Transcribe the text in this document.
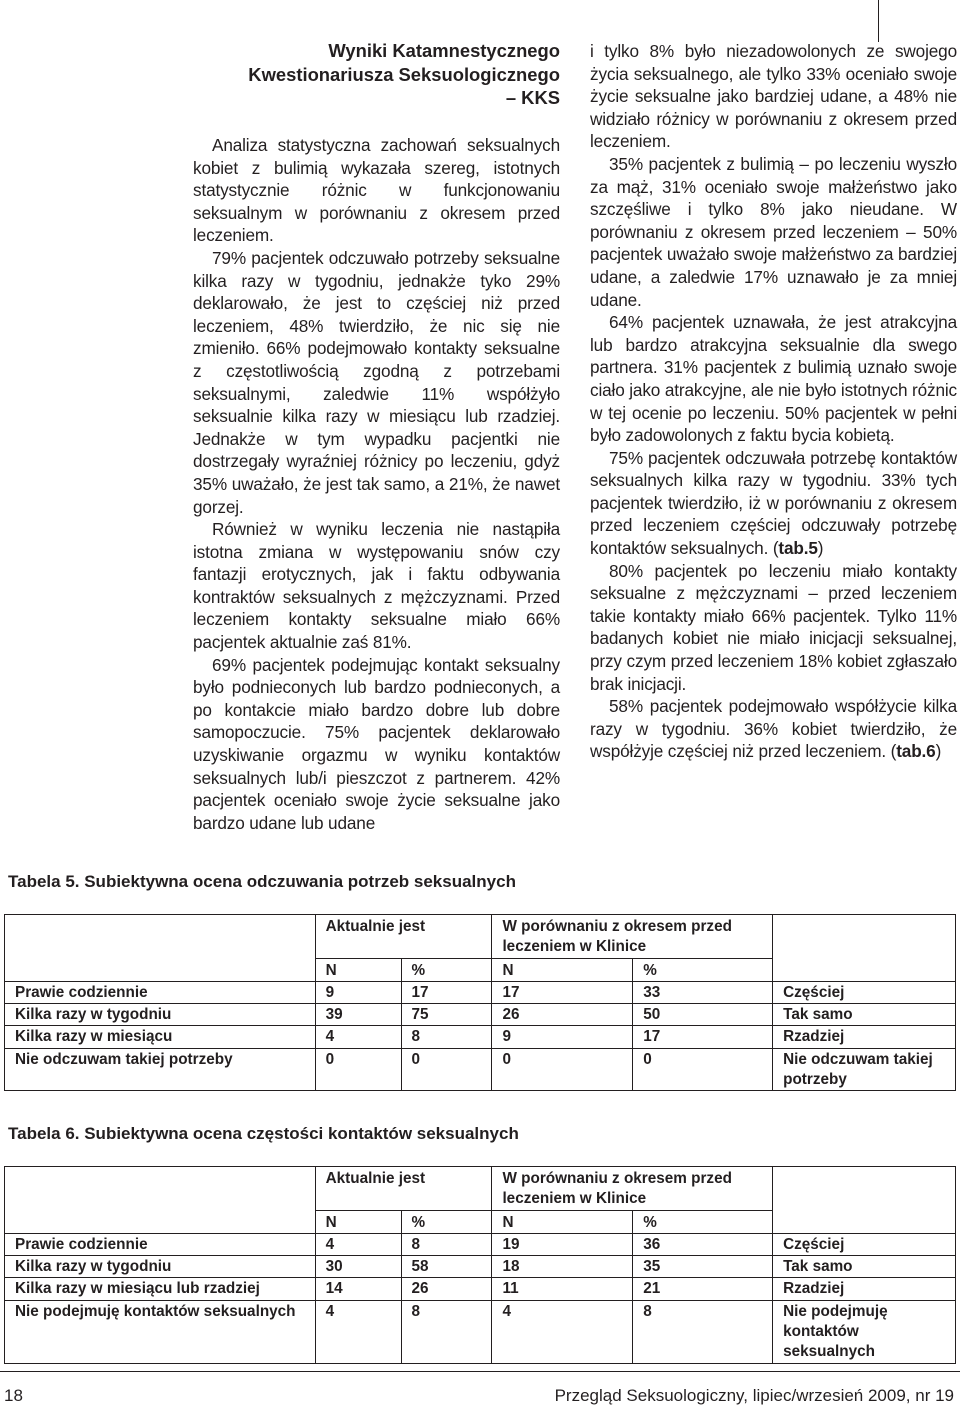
Wyniki Katamnestycznego
Kwestionariusza Seksuologicznego
– KKS

Analiza statystyczna zachowań seksualnych kobiet z bulimią wykazała szereg, istotnych statystycznie różnic w funkcjonowaniu seksualnym w porównaniu z okresem przed leczeniem.

79% pacjentek odczuwało potrzeby seksualne kilka razy w tygodniu, jednakże tyko 29% deklarowało, że jest to częściej niż przed leczeniem, 48% twierdziło, że nic się nie zmieniło. 66% podejmowało kontakty seksualne z częstotliwością zgodną z potrzebami seksualnymi, zaledwie 11% współżyło seksualnie kilka razy w miesiącu lub rzadziej. Jednakże w tym wypadku pacjentki nie dostrzegały wyraźniej różnicy po leczeniu, gdyż 35% uważało, że jest tak samo, a 21%, że nawet gorzej.

Również w wyniku leczenia nie nastąpiła istotna zmiana w występowaniu snów czy fantazji erotycznych, jak i faktu odbywania kontraktów seksualnych z mężczyznami. Przed leczeniem kontakty seksualne miało 66% pacjentek aktualnie zaś 81%.

69% pacjentek podejmując kontakt seksualny było podnieconych lub bardzo podnieconych, a po kontakcie miało bardzo dobre lub dobre samopoczucie. 75% pacjentek deklarowało uzyskiwanie orgazmu w wyniku kontaktów seksualnych lub/i pieszczot z partnerem. 42% pacjentek oceniało swoje życie seksualne jako bardzo udane lub udane

i tylko 8% było niezadowolonych ze swojego życia seksualnego, ale tylko 33% oceniało swoje życie seksualne jako bardziej udane, a 48% nie widziało różnicy w porównaniu z okresem przed leczeniem.

35% pacjentek z bulimią – po leczeniu wyszło za mąż, 31% oceniało swoje małżeństwo jako szczęśliwe i tylko 8% jako nieudane. W porównaniu z okresem przed leczeniem – 50% pacjentek uważało swoje małżeństwo za bardziej udane, a zaledwie 17% uznawało je za mniej udane.

64% pacjentek uznawała, że jest atrakcyjna lub bardzo atrakcyjna seksualnie dla swego partnera. 31% pacjentek z bulimią uznało swoje ciało jako atrakcyjne, ale nie było istotnych różnic w tej ocenie po leczeniu. 50% pacjentek w pełni było zadowolonych z faktu bycia kobietą.

75% pacjentek odczuwała potrzebę kontaktów seksualnych kilka razy w tygodniu. 33% tych pacjentek twierdziło, iż w porównaniu z okresem przed leczeniem częściej odczuwały potrzebę kontaktów seksualnych. (tab.5)

80% pacjentek po leczeniu miało kontakty seksualne z mężczyznami – przed leczeniem takie kontakty miało 66% pacjentek. Tylko 11% badanych kobiet nie miało inicjacji seksualnej, przy czym przed leczeniem 18% kobiet zgłaszało brak inicjacji.

58% pacjentek podejmowało współżycie kilka razy w tygodniu. 36% kobiet twierdziło, że współżyje częściej niż przed leczeniem. (tab.6)

Tabela 5. Subiektywna ocena odczuwania potrzeb seksualnych
	Aktualnie jest		W porównaniu z okresem przed leczeniem w Klinice		
	N	%	N	%	
Prawie codziennie	9	17	17	33	Częściej
Kilka razy w tygodniu	39	75	26	50	Tak samo
Kilka razy w miesiącu	4	8	9	17	Rzadziej
Nie odczuwam takiej potrzeby	0	0	0	0	Nie odczuwam takiej potrzeby
Tabela 6. Subiektywna ocena częstości kontaktów seksualnych
	Aktualnie jest		W porównaniu z okresem przed leczeniem w Klinice		
	N	%	N	%	
Prawie codziennie	4	8	19	36	Częściej
Kilka razy w tygodniu	30	58	18	35	Tak samo
Kilka razy w miesiącu lub rzadziej	14	26	11	21	Rzadziej
Nie podejmuję kontaktów seksualnych	4	8	4	8	Nie podejmuję kontaktów seksualnych
18	Przegląd Seksuologiczny, lipiec/wrzesień 2009, nr 19
